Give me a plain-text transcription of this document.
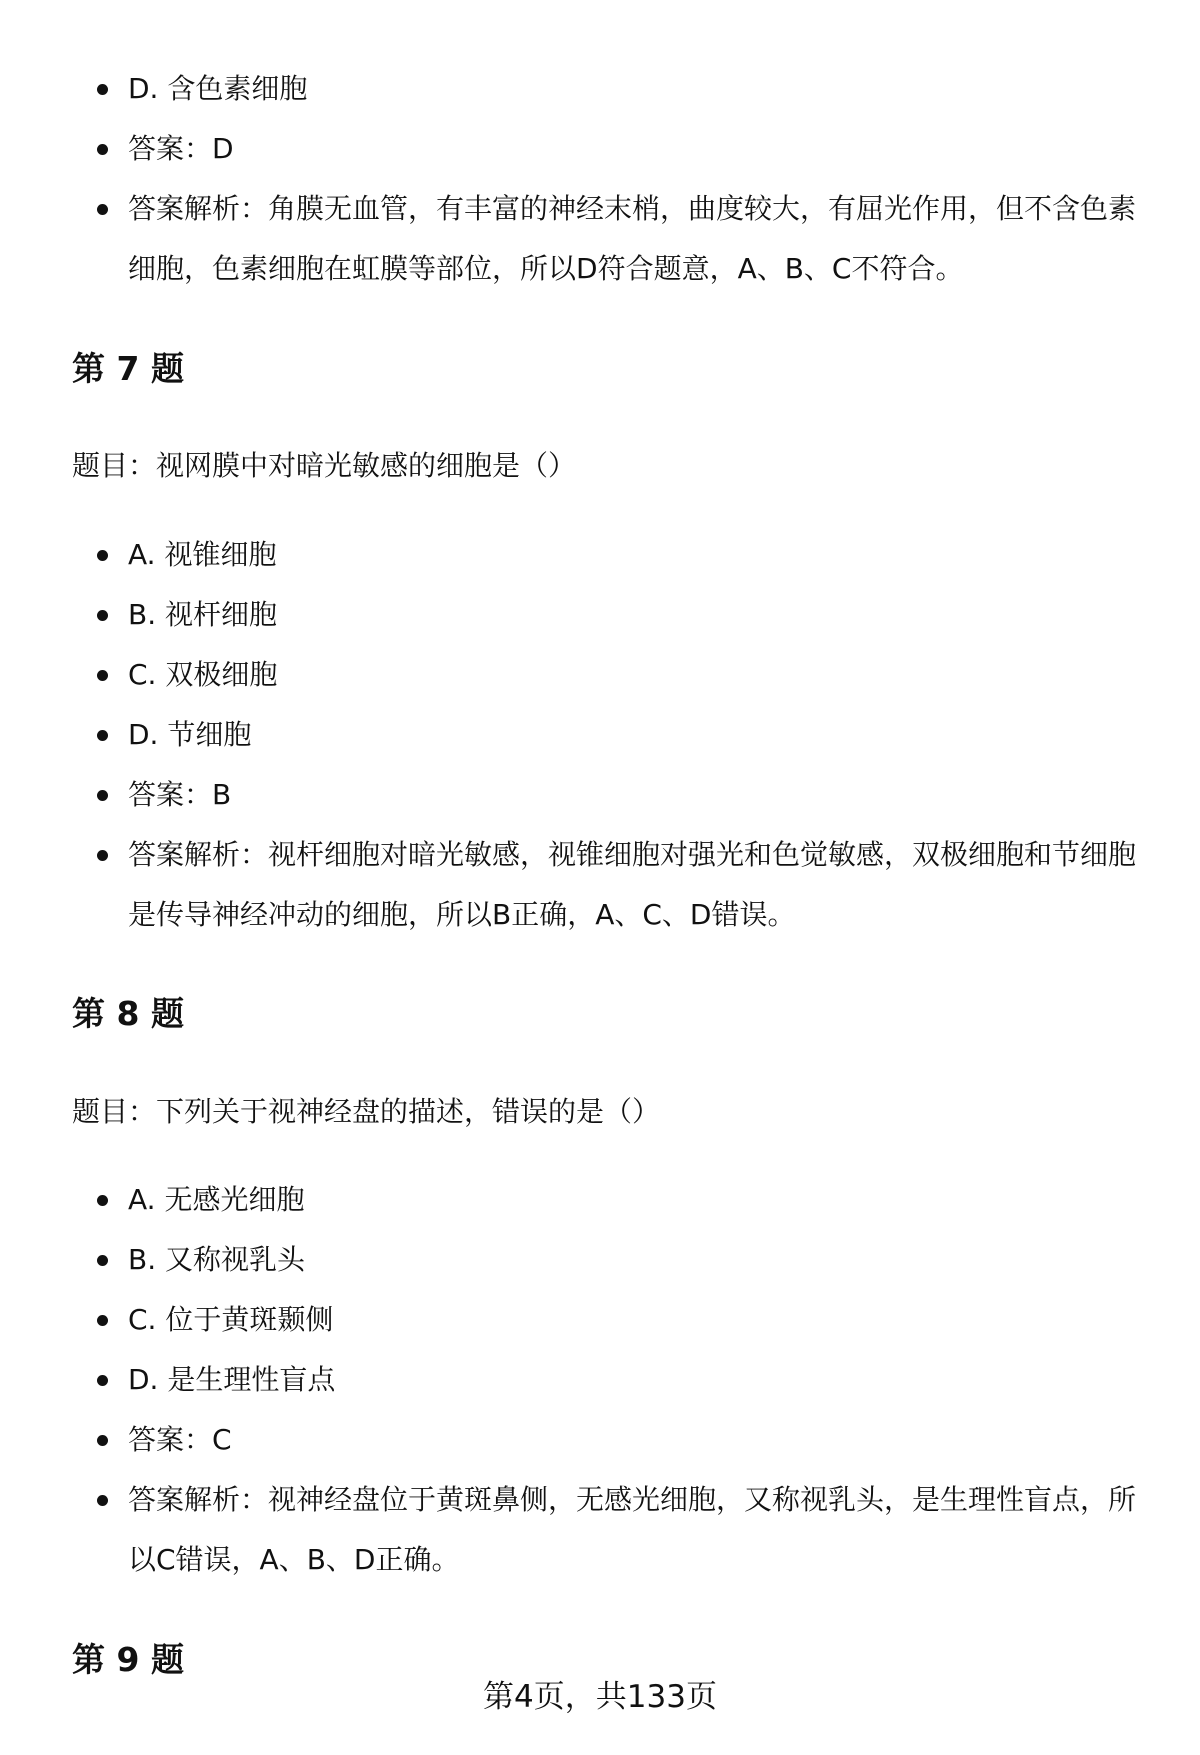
D. 含色素细胞
答案：D
答案解析：角膜无血管，有丰富的神经末梢，曲度较大，有屈光作用，但不含色素细胞，色素细胞在虹膜等部位，所以D符合题意，A、B、C不符合。
第 7 题

题目：视网膜中对暗光敏感的细胞是（）

A. 视锥细胞
B. 视杆细胞
C. 双极细胞
D. 节细胞
答案：B
答案解析：视杆细胞对暗光敏感，视锥细胞对强光和色觉敏感，双极细胞和节细胞是传导神经冲动的细胞，所以B正确，A、C、D错误。
第 8 题

题目：下列关于视神经盘的描述，错误的是（）

A. 无感光细胞
B. 又称视乳头
C. 位于黄斑颞侧
D. 是生理性盲点
答案：C
答案解析：视神经盘位于黄斑鼻侧，无感光细胞，又称视乳头，是生理性盲点，所以C错误，A、B、D正确。
第 9 题
第4页，共133页
